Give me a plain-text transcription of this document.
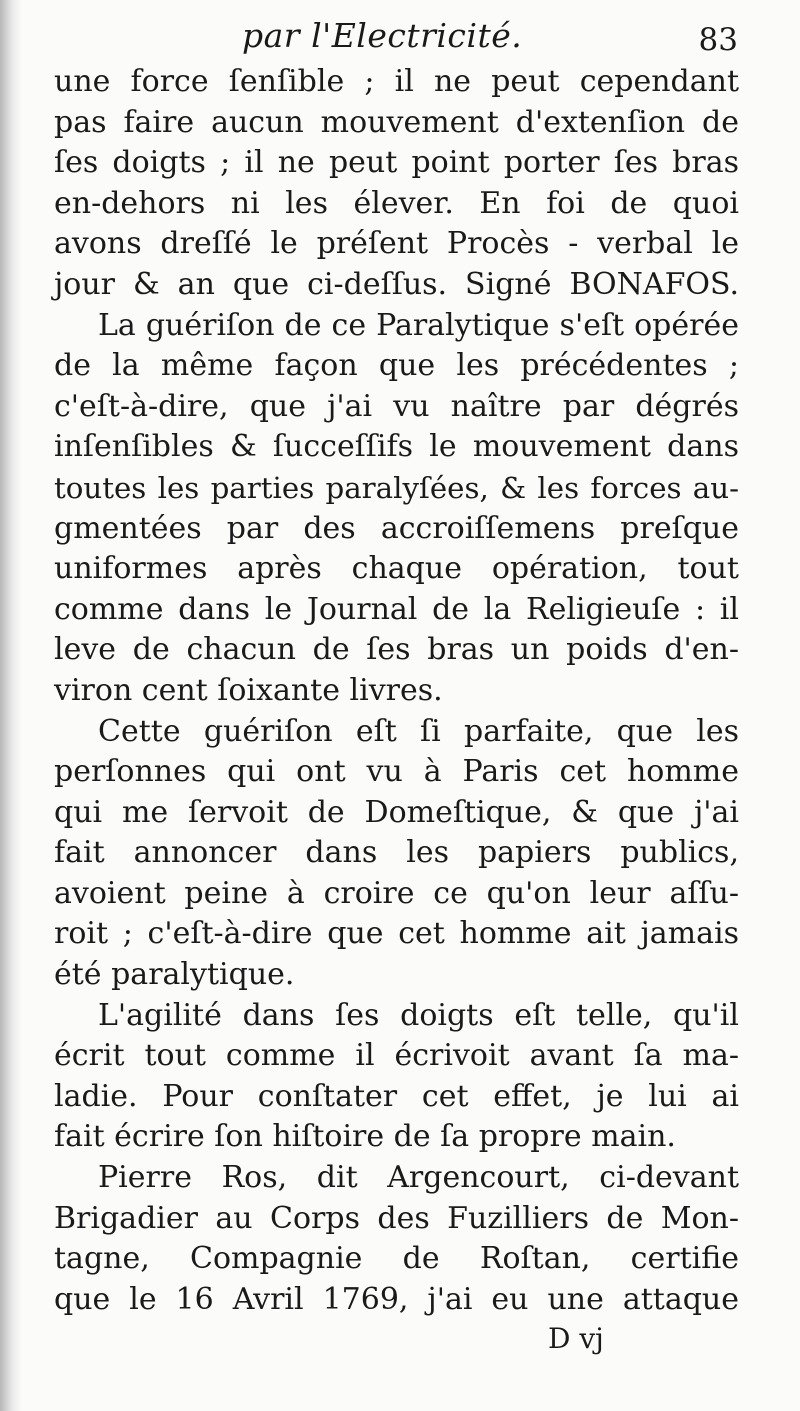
par l'Electricité.	83
une force ſenſible ; il ne peut cependant
pas faire aucun mouvement d'extenſion de
ſes doigts ; il ne peut point porter ſes bras
en-dehors ni les élever. En foi de quoi
avons dreſſé le préſent Procès - verbal le
jour & an que ci-deſſus. Signé BONAFOS.
La guériſon de ce Paralytique s'eſt opérée
de la même façon que les précédentes ;
c'eſt-à-dire, que j'ai vu naître par dégrés
inſenſibles & ſucceſſifs le mouvement dans
toutes les parties paralyſées, & les forces au-
gmentées par des accroiſſemens preſque
uniformes après chaque opération, tout
comme dans le Journal de la Religieuſe : il
leve de chacun de ſes bras un poids d'en-
viron cent ſoixante livres.
Cette guériſon eſt ſi parfaite, que les
perſonnes qui ont vu à Paris cet homme
qui me ſervoit de Domeſtique, & que j'ai
fait annoncer dans les papiers publics,
avoient peine à croire ce qu'on leur aſſu-
roit ; c'eſt-à-dire que cet homme ait jamais
été paralytique.
L'agilité dans ſes doigts eſt telle, qu'il
écrit tout comme il écrivoit avant ſa ma-
ladie. Pour conſtater cet effet, je lui ai
fait écrire ſon hiſtoire de ſa propre main.
Pierre Ros, dit Argencourt, ci-devant
Brigadier au Corps des Fuzilliers de Mon-
tagne, Compagnie de Roſtan, certifie
que le 16 Avril 1769, j'ai eu une attaque
D vj
